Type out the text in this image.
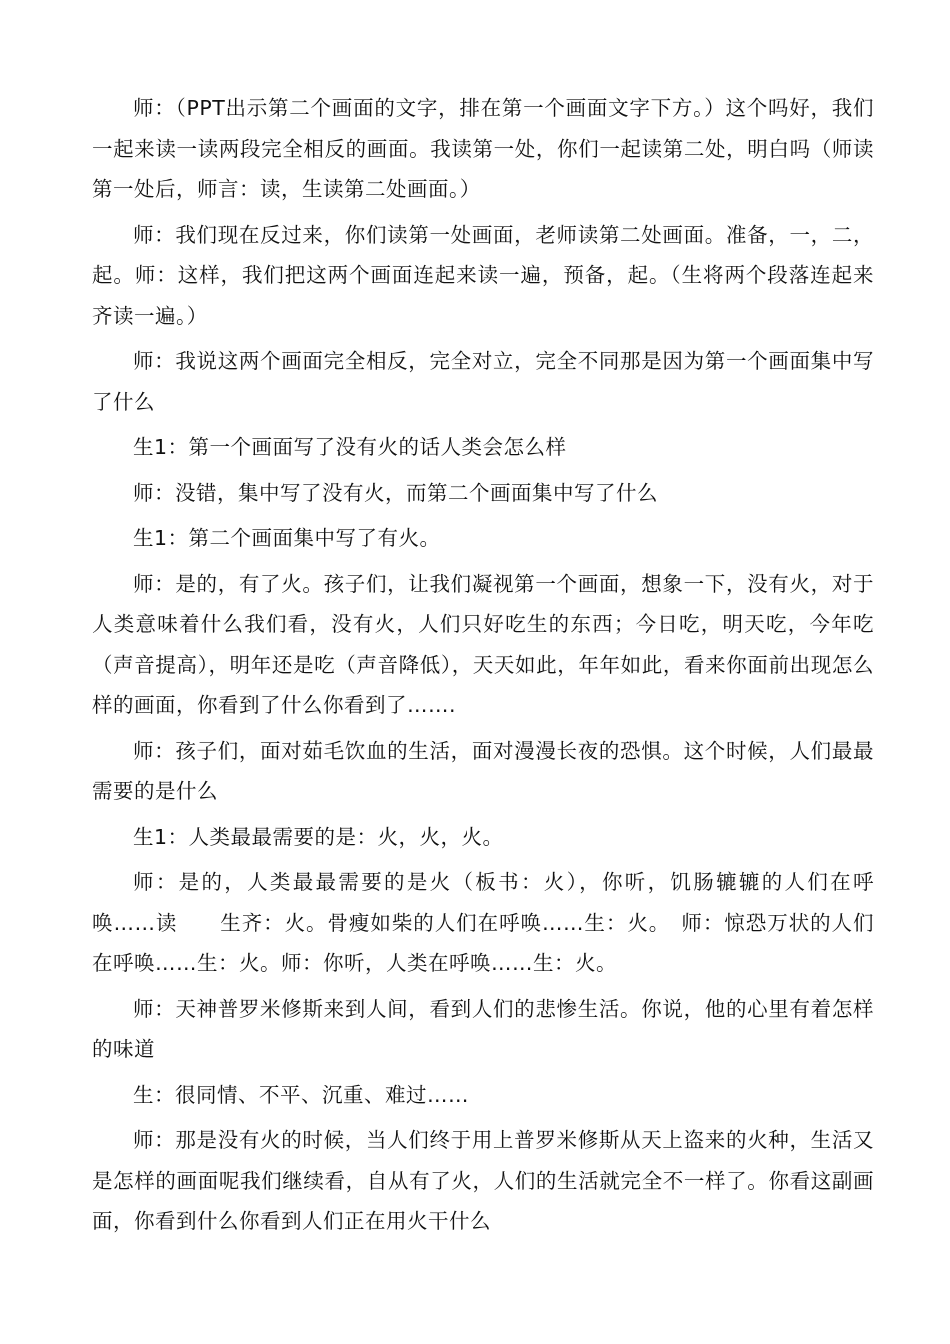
师：（PPT出示第二个画面的文字，排在第一个画面文字下方。）这个吗好，我们一起来读一读两段完全相反的画面。我读第一处，你们一起读第二处，明白吗（师读第一处后，师言：读，生读第二处画面。）

师：我们现在反过来，你们读第一处画面，老师读第二处画面。准备，一，二，起。师：这样，我们把这两个画面连起来读一遍，预备，起。（生将两个段落连起来齐读一遍。）

师：我说这两个画面完全相反，完全对立，完全不同那是因为第一个画面集中写了什么

生1：第一个画面写了没有火的话人类会怎么样

师：没错，集中写了没有火，而第二个画面集中写了什么

生1：第二个画面集中写了有火。

师：是的，有了火。孩子们，让我们凝视第一个画面，想象一下，没有火，对于人类意味着什么我们看，没有火，人们只好吃生的东西；今日吃，明天吃，今年吃（声音提高），明年还是吃（声音降低），天天如此，年年如此，看来你面前出现怎么样的画面，你看到了什么你看到了…….

师：孩子们，面对茹毛饮血的生活，面对漫漫长夜的恐惧。这个时候，人们最最需要的是什么

生1：人类最最需要的是：火，火，火。

师：是的，人类最最需要的是火（板书：火），你听，饥肠辘辘的人们在呼唤……读　　生齐：火。骨瘦如柴的人们在呼唤……生：火。　师：惊恐万状的人们在呼唤……生：火。师：你听，人类在呼唤……生：火。

师：天神普罗米修斯来到人间，看到人们的悲惨生活。你说，他的心里有着怎样的味道

生：很同情、不平、沉重、难过……

师：那是没有火的时候，当人们终于用上普罗米修斯从天上盗来的火种，生活又是怎样的画面呢我们继续看，自从有了火，人们的生活就完全不一样了。你看这副画面，你看到什么你看到人们正在用火干什么
